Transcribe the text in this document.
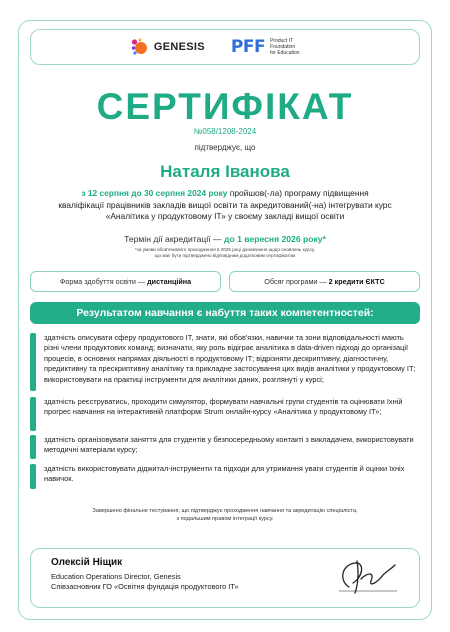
GENESIS PFF Product IT
Foundation
for Education
СЕРТИФІКАТ
№058/1208-2024
підтверджує, що
Наталя Іванова
з 12 серпня до 30 серпня 2024 року пройшов(-ла) програму підвищення кваліфікації працівників закладів вищої освіти та акредитований(-на) інтегрувати курс «Аналітика у продуктовому ІТ» у своєму закладі вищої освіти
Термін дії акредитації — до 1 вересня 2026 року*
*за умови обов'язкового проходження в 2025 році донавчання щодо оновлень курсу,
що має бути підтверджено відповідним додатковим сертифікатом
Форма здобуття освіти —
дистанційна	Обсяг програми —
2 кредити ЄКТС
Результатом навчання є набуття таких компетентностей:
здатність описувати сферу продуктового ІТ, знати, які обов'язки, навички та зони відповідальності мають різні члени продуктових команд; визначати, яку роль відіграє аналітика в data-driven підході до організації процесів, в основних напрямах діяльності в продуктовому ІТ; відрізняти дескриптивну, діагностичну, предиктивну та прескриптивну аналітику та прикладне застосування цих видів аналітики у продуктовому ІТ; використовувати на практиці інструменти для аналітики даних, розглянуті у курсі;
здатність реєструватись, проходити симулятор, формувати навчальні групи студентів та оцінювати їхній прогрес навчання на інтерактивній платформі Strum онлайн-курсу «Аналітика у продуктовому ІТ»;
здатність організовувати заняття для студентів у безпосередньому контакті з викладачем, використовувати методичні матеріали курсу;
здатність використовувати діджитал-інструменти та підходи для утримання уваги студентів й оцінки їхніх навичок.
Завершено фінальне тестування, що підтверджує проходження навчання та акредитацію спеціаліста,
з подальшим правом інтеграції курсу.
Олексій Ніщик
Education Operations Director, Genesis
Співзасновник ГО «Освітня фундація продуктового ІТ»
